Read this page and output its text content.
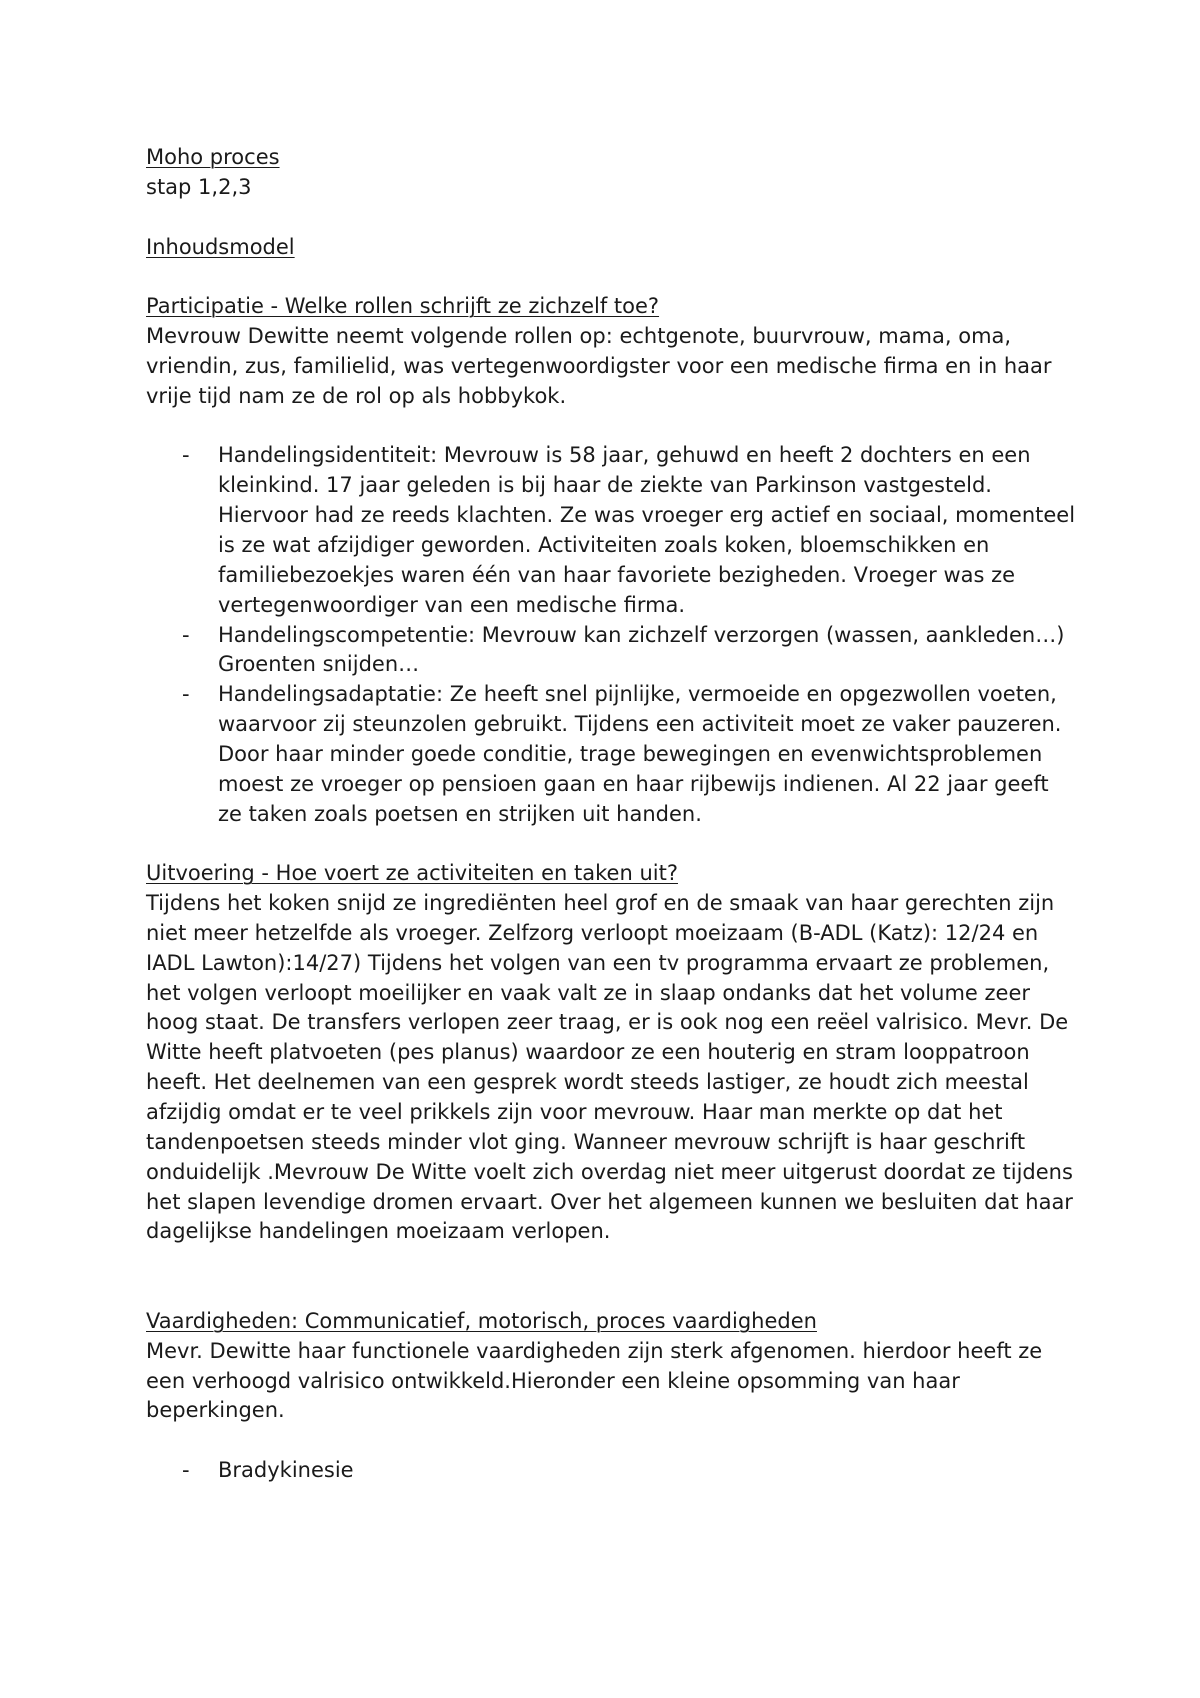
Moho proces

stap 1,2,3

Inhoudsmodel

Participatie - Welke rollen schrijft ze zichzelf toe?

Mevrouw Dewitte neemt volgende rollen op: echtgenote, buurvrouw, mama, oma, vriendin, zus, familielid, was vertegenwoordigster voor een medische firma en in haar vrije tijd nam ze de rol op als hobbykok.

- Handelingsidentiteit: Mevrouw is 58 jaar, gehuwd en heeft 2 dochters en een kleinkind. 17 jaar geleden is bij haar de ziekte van Parkinson vastgesteld. Hiervoor had ze reeds klachten. Ze was vroeger erg actief en sociaal, momenteel is ze wat afzijdiger geworden. Activiteiten zoals koken, bloemschikken en familiebezoekjes waren één van haar favoriete bezigheden. Vroeger was ze vertegenwoordiger van een medische firma.
- Handelingscompetentie: Mevrouw kan zichzelf verzorgen (wassen, aankleden…) Groenten snijden…
- Handelingsadaptatie: Ze heeft snel pijnlijke, vermoeide en opgezwollen voeten, waarvoor zij steunzolen gebruikt. Tijdens een activiteit moet ze vaker pauzeren. Door haar minder goede conditie, trage bewegingen en evenwichtsproblemen moest ze vroeger op pensioen gaan en haar rijbewijs indienen. Al 22 jaar geeft ze taken zoals poetsen en strijken uit handen.

Uitvoering - Hoe voert ze activiteiten en taken uit?

Tijdens het koken snijd ze ingrediënten heel grof en de smaak van haar gerechten zijn niet meer hetzelfde als vroeger. Zelfzorg verloopt moeizaam (B-ADL (Katz): 12/24 en IADL Lawton):14/27) Tijdens het volgen van een tv programma ervaart ze problemen, het volgen verloopt moeilijker en vaak valt ze in slaap ondanks dat het volume zeer hoog staat. De transfers verlopen zeer traag, er is ook nog een reëel valrisico. Mevr. De Witte heeft platvoeten (pes planus) waardoor ze een houterig en stram looppatroon heeft. Het deelnemen van een gesprek wordt steeds lastiger, ze houdt zich meestal afzijdig omdat er te veel prikkels zijn voor mevrouw. Haar man merkte op dat het tandenpoetsen steeds minder vlot ging. Wanneer mevrouw schrijft is haar geschrift onduidelijk .Mevrouw De Witte voelt zich overdag niet meer uitgerust doordat ze tijdens het slapen levendige dromen ervaart. Over het algemeen kunnen we besluiten dat haar dagelijkse handelingen moeizaam verlopen.

Vaardigheden: Communicatief, motorisch, proces vaardigheden

Mevr. Dewitte haar functionele vaardigheden zijn sterk afgenomen. hierdoor heeft ze een verhoogd valrisico ontwikkeld.Hieronder een kleine opsomming van haar beperkingen.

- Bradykinesie
